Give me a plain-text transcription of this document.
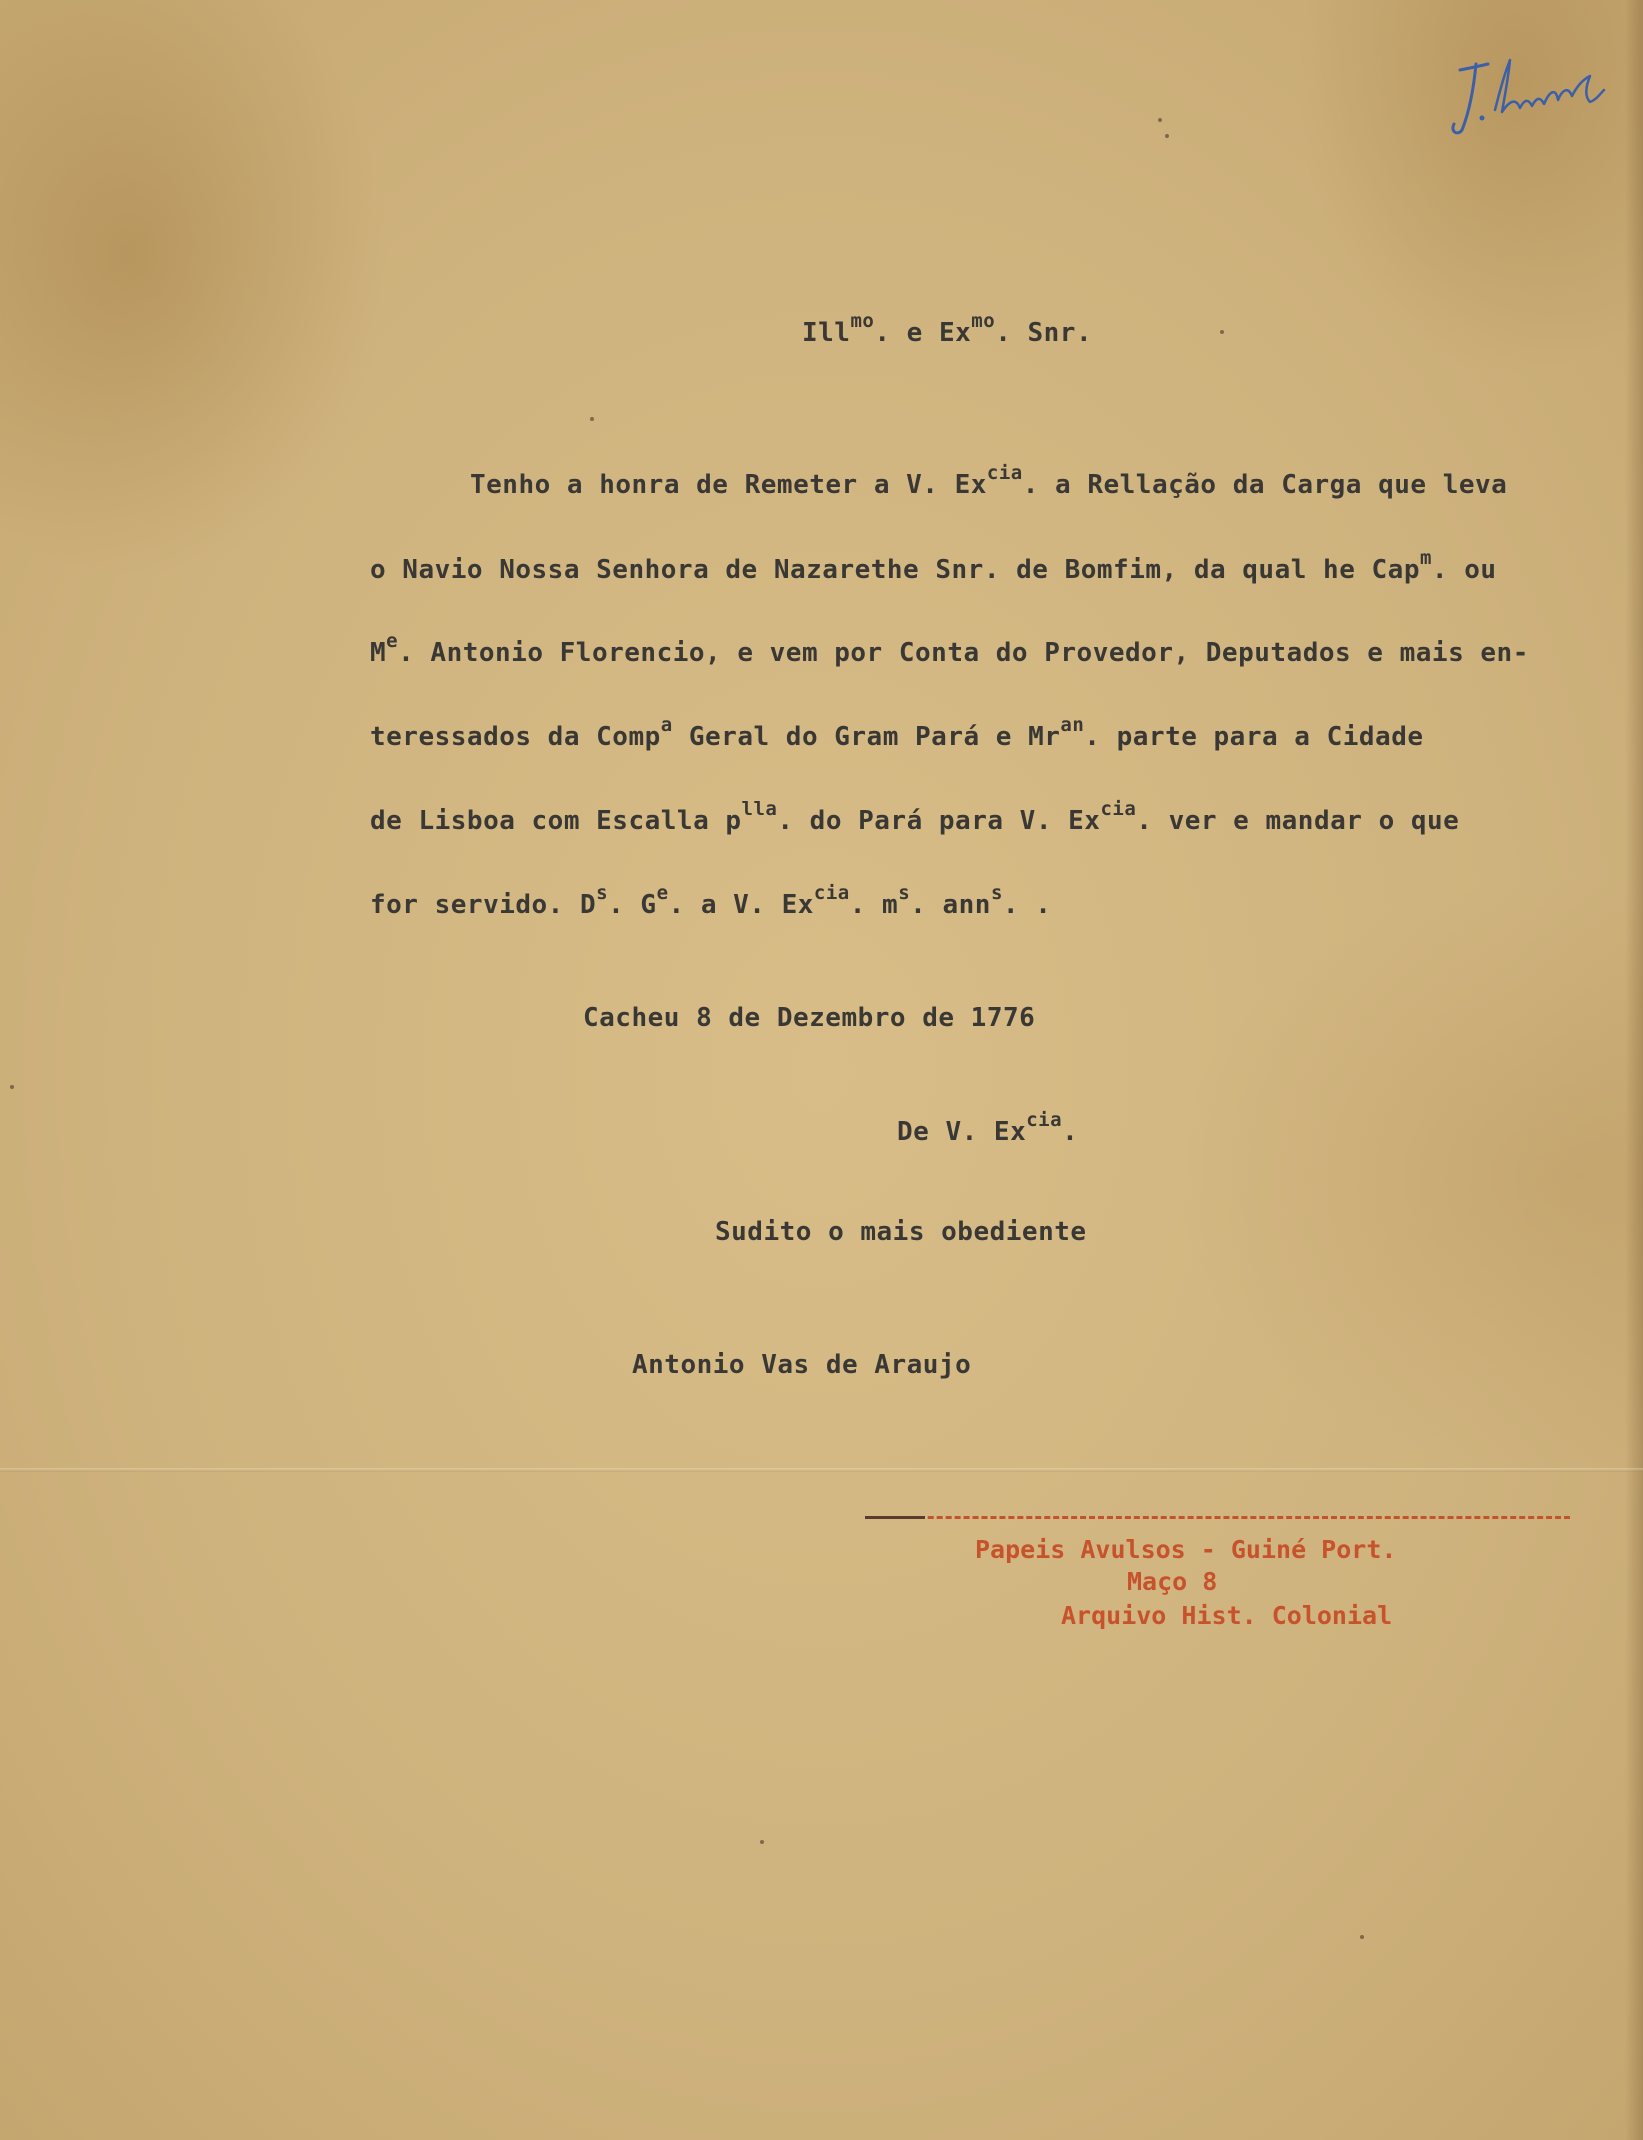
Ill$^{mo}$. e $Ex^{mo}$. Snr.
Tenho a honra de Remeter a V. $Ex^{cia}$. a Rellação da Carga que leva
o Navio Nossa Senhora de Nazarethe Snr. de Bomfim, da qual he Cap$^m$. ou
Me. Antonio Florencio, e vem por Conta do Provedor, Deputados e mais en-
teressados da Comp$^a$ Geral do Gram Pará e $Mr^{an}$. parte para a Cidade
de Lisboa com Escalla $p^{lla}$. do Pará para V. $Ex^{cia}$. ver e mandar o que
for servido. $D^s$. $G^e$. a V. $Ex^{cia}$. $m^s$. ann$^s$. .
Cacheu 8 de Dezembro de 1776
De V. $Ex^{cia}$.
Sudito o mais obediente
Antonio Vas de Araujo
Papeis Avulsos - Guiné Port.
Maço 8
Arquivo Hist. Colonial
